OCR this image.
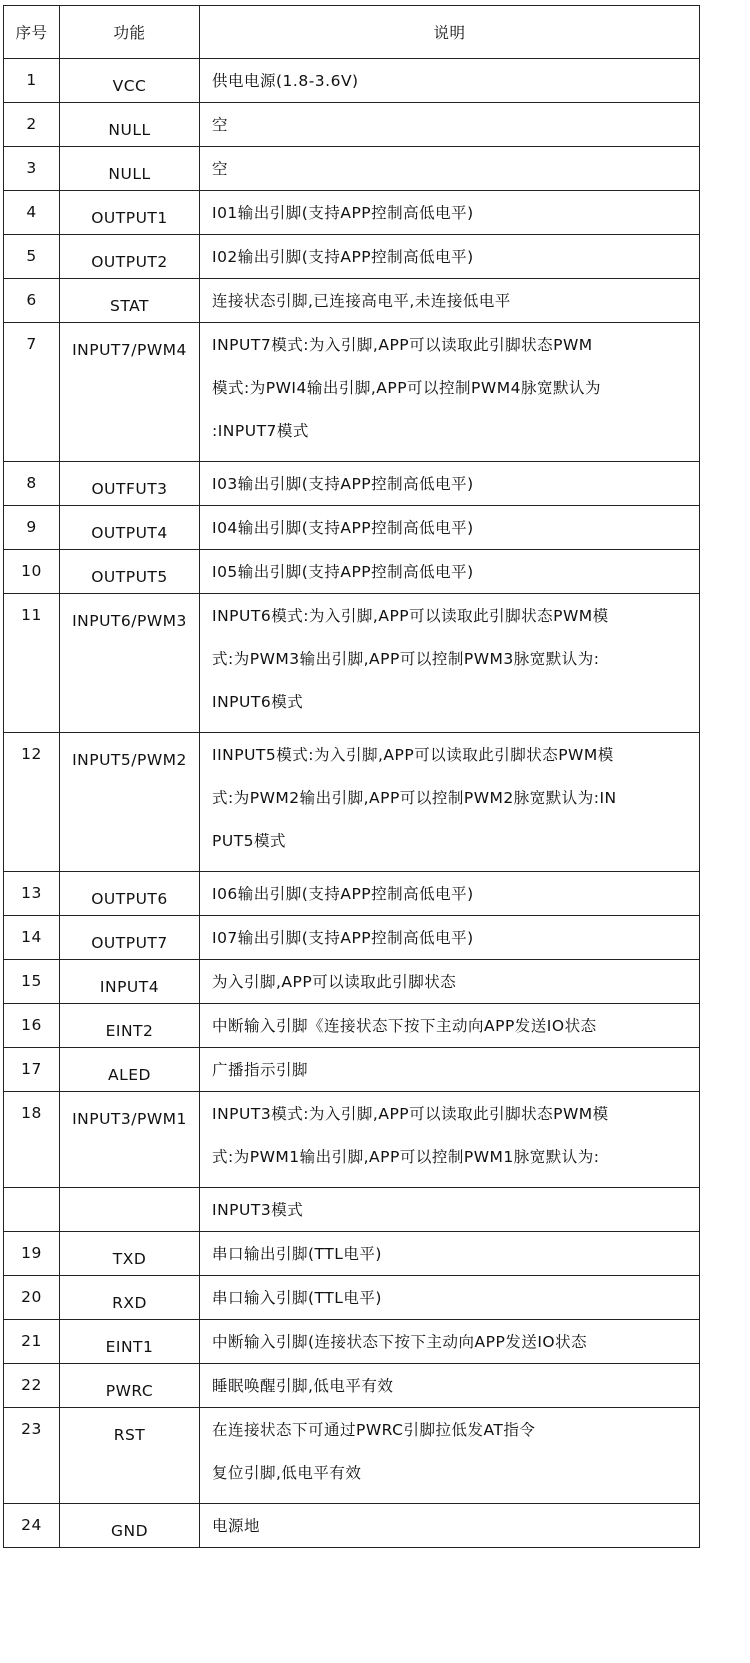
序号	功能	说明
1	VCC	供电电源(1.8-3.6V)

2	NULL	空

3	NULL	空

4	OUTPUT1	I01输出引脚(支持APP控制高低电平)

5	OUTPUT2	I02输出引脚(支持APP控制高低电平)

6	STAT	连接状态引脚,已连接高电平,未连接低电平

7	INPUT7/PWM4	INPUT7模式:为入引脚,APP可以读取此引脚状态PWM
模式:为PWI4输出引脚,APP可以控制PWM4脉宽默认为
:INPUT7模式

8	OUTFUT3	I03输出引脚(支持APP控制高低电平)

9	OUTPUT4	I04输出引脚(支持APP控制高低电平)

10	OUTPUT5	I05输出引脚(支持APP控制高低电平)

11	INPUT6/PWM3	INPUT6模式:为入引脚,APP可以读取此引脚状态PWM模
式:为PWM3输出引脚,APP可以控制PWM3脉宽默认为:
INPUT6模式

12	INPUT5/PWM2	IINPUT5模式:为入引脚,APP可以读取此引脚状态PWM模
式:为PWM2输出引脚,APP可以控制PWM2脉宽默认为:IN
PUT5模式

13	OUTPUT6	I06输出引脚(支持APP控制高低电平)

14	OUTPUT7	I07输出引脚(支持APP控制高低电平)

15	INPUT4	为入引脚,APP可以读取此引脚状态

16	EINT2	中断输入引脚《连接状态下按下主动向APP发送IO状态

17	ALED	广播指示引脚

18	INPUT3/PWM1	INPUT3模式:为入引脚,APP可以读取此引脚状态PWM模
式:为PWM1输出引脚,APP可以控制PWM1脉宽默认为:

		INPUT3模式

19	TXD	串口输出引脚(TTL电平)

20	RXD	串口输入引脚(TTL电平)

21	EINT1	中断输入引脚(连接状态下按下主动向APP发送IO状态

22	PWRC	睡眠唤醒引脚,低电平有效

23	RST	在连接状态下可通过PWRC引脚拉低发AT指令
复位引脚,低电平有效

24	GND	电源地
